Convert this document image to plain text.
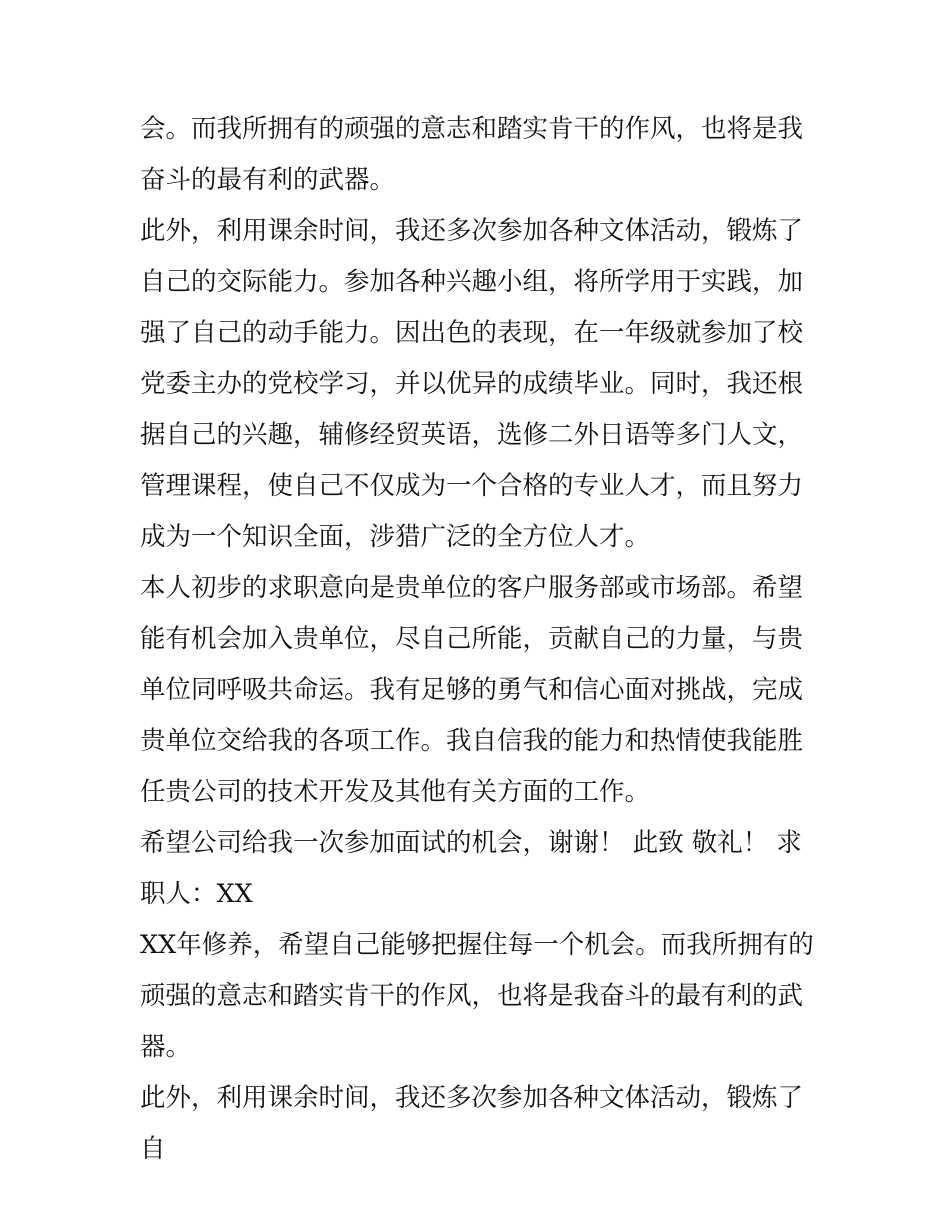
会。而我所拥有的顽强的意志和踏实肯干的作风，也将是我奋斗的最有利的武器。

此外，利用课余时间，我还多次参加各种文体活动，锻炼了自己的交际能力。参加各种兴趣小组，将所学用于实践，加强了自己的动手能力。因出色的表现，在一年级就参加了校党委主办的党校学习，并以优异的成绩毕业。同时，我还根据自己的兴趣，辅修经贸英语，选修二外日语等多门人文，管理课程，使自己不仅成为一个合格的专业人才，而且努力成为一个知识全面，涉猎广泛的全方位人才。

本人初步的求职意向是贵单位的客户服务部或市场部。希望能有机会加入贵单位，尽自己所能，贡献自己的力量，与贵单位同呼吸共命运。我有足够的勇气和信心面对挑战，完成贵单位交给我的各项工作。我自信我的能力和热情使我能胜任贵公司的技术开发及其他有关方面的工作。

希望公司给我一次参加面试的机会，谢谢！ 此致 敬礼！ 求职人：XX

XX年修养，希望自己能够把握住每一个机会。而我所拥有的顽强的意志和踏实肯干的作风，也将是我奋斗的最有利的武器。

此外，利用课余时间，我还多次参加各种文体活动，锻炼了自
